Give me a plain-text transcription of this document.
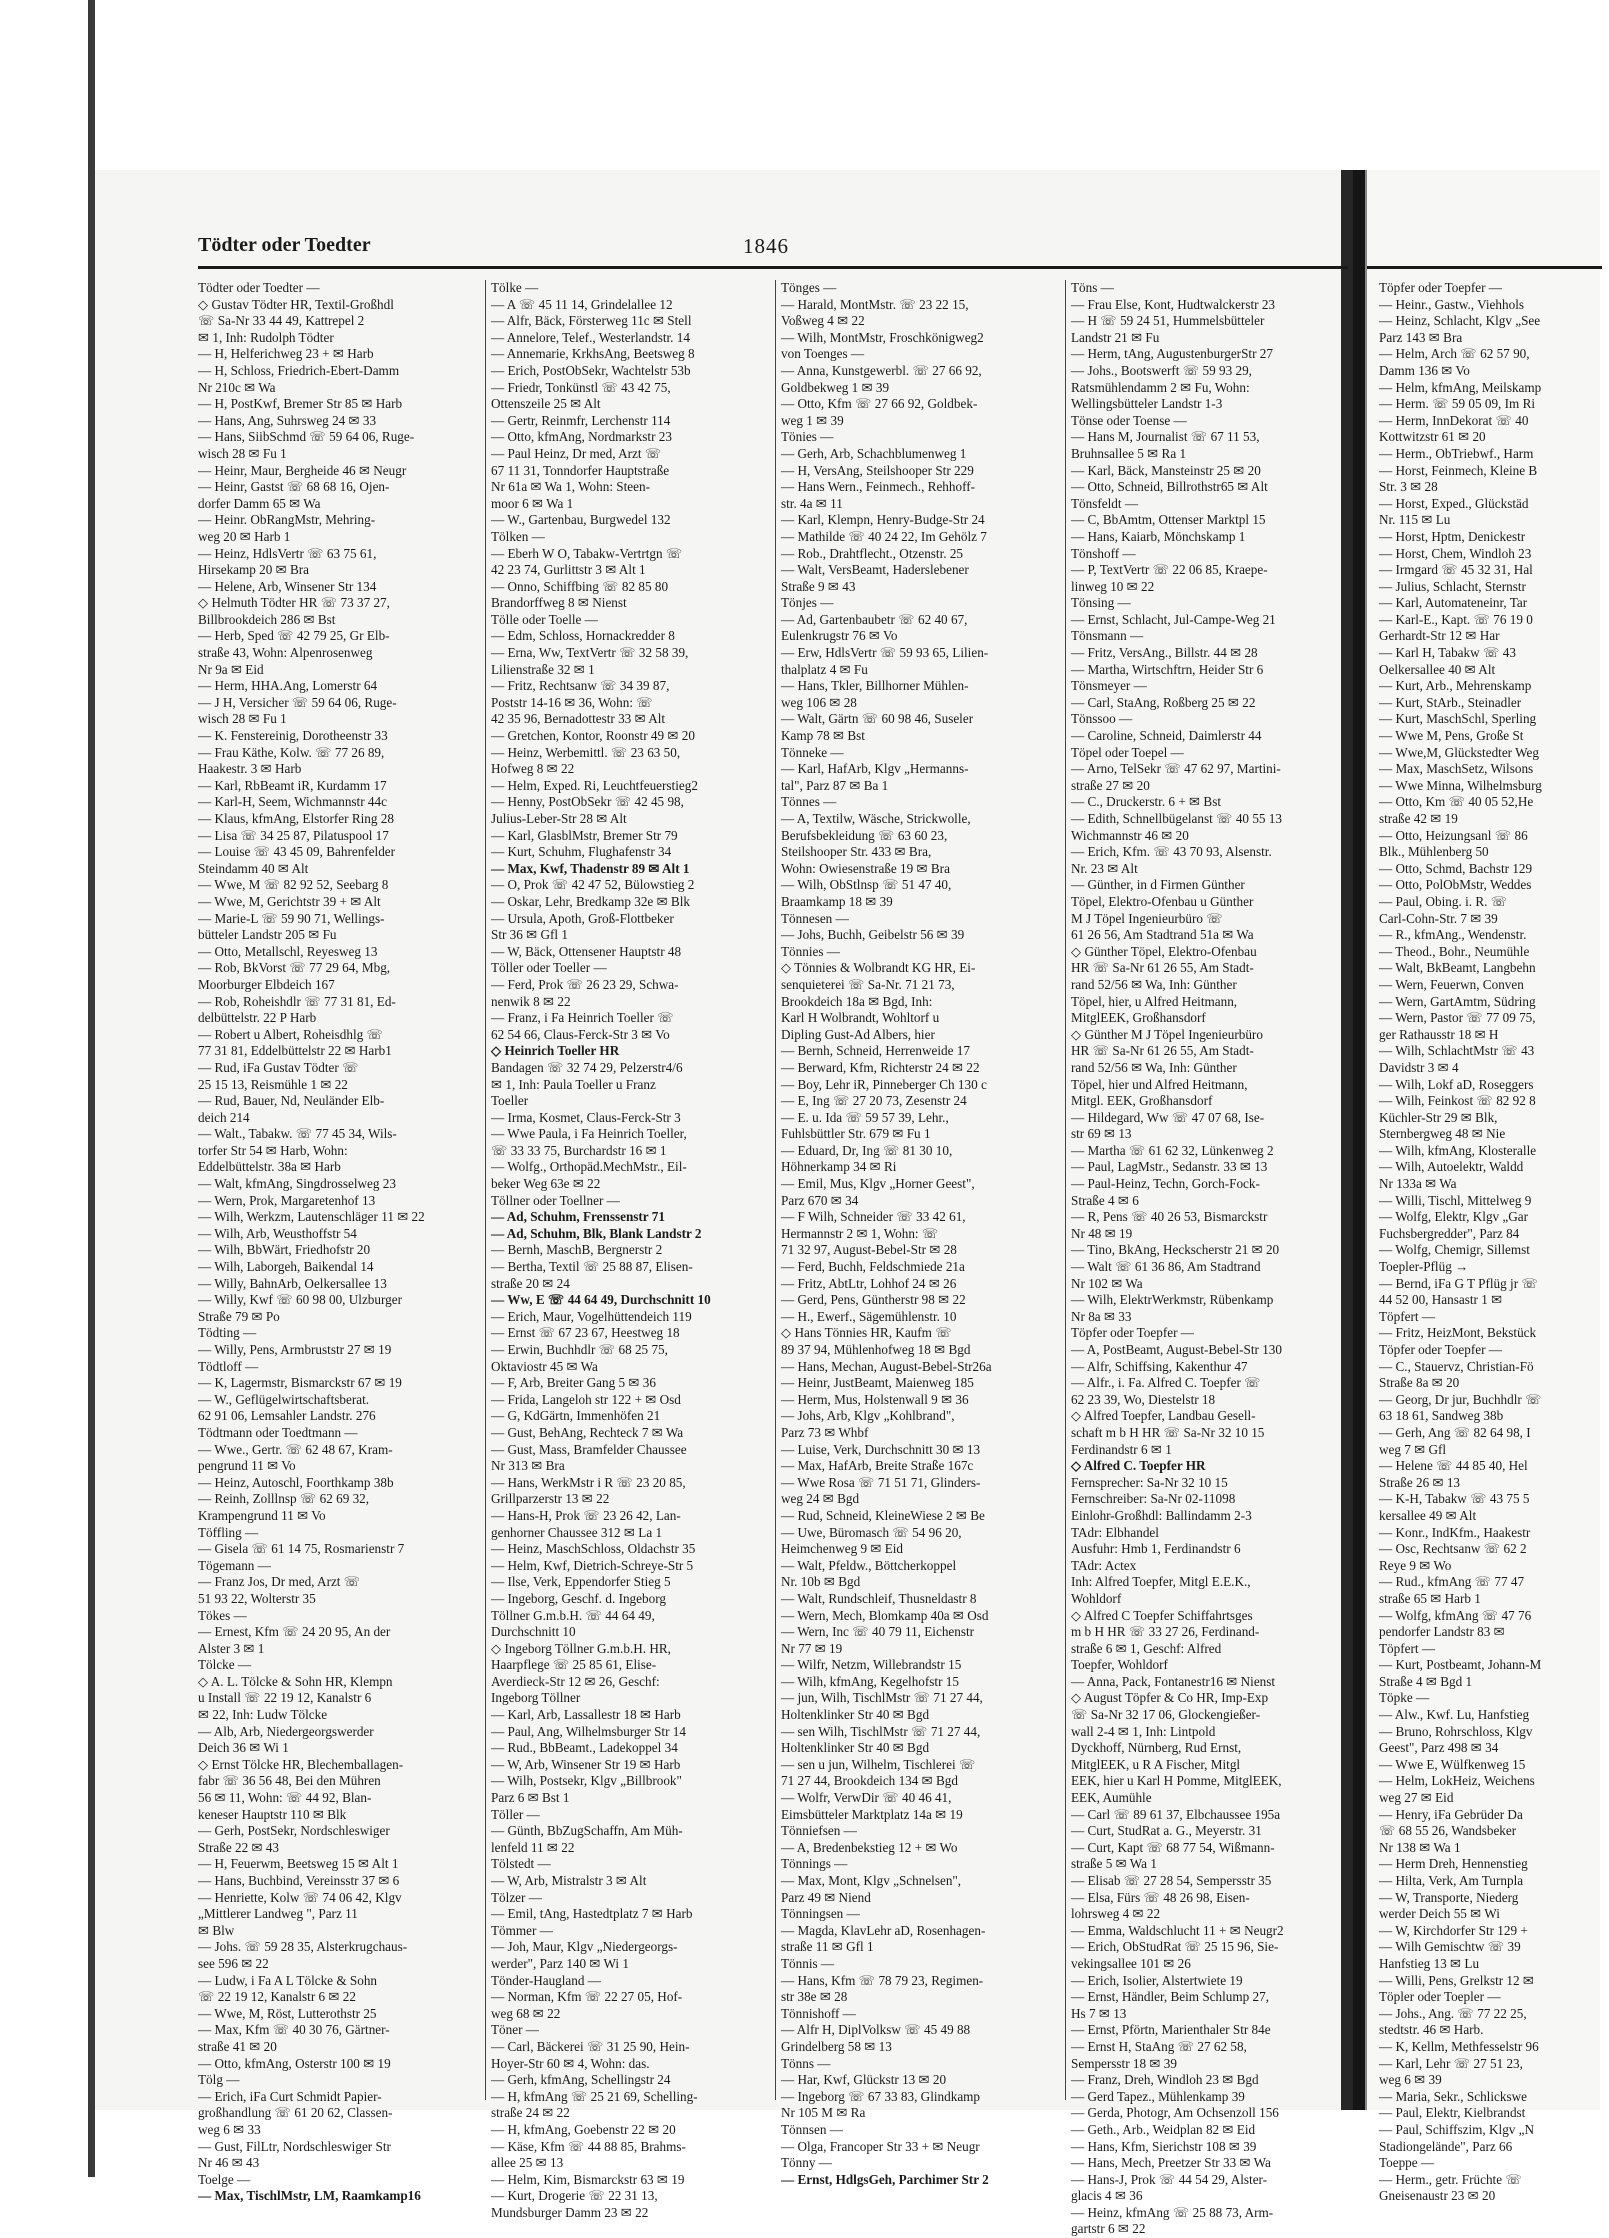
Tödter oder Toedter	1846
Tödter oder Toedter —
◇ Gustav Tödter HR, Textil-Großhdl
☏ Sa-Nr 33 44 49, Kattrepel 2
✉ 1, Inh: Rudolph Tödter
— H, Helferichweg 23 + ✉ Harb
— H, Schloss, Friedrich-Ebert-Damm
Nr 210c ✉ Wa
— H, PostKwf, Bremer Str 85 ✉ Harb
— Hans, Ang, Suhrsweg 24 ✉ 33
— Hans, SiibSchmd ☏ 59 64 06, Ruge-
wisch 28 ✉ Fu 1
— Heinr, Maur, Bergheide 46 ✉ Neugr
— Heinr, Gastst ☏ 68 68 16, Ojen-
dorfer Damm 65 ✉ Wa
— Heinr. ObRangMstr, Mehring-
weg 20 ✉ Harb 1
— Heinz, HdlsVertr ☏ 63 75 61,
Hirsekamp 20 ✉ Bra
— Helene, Arb, Winsener Str 134
◇ Helmuth Tödter HR ☏ 73 37 27,
Billbrookdeich 286 ✉ Bst
— Herb, Sped ☏ 42 79 25, Gr Elb-
straße 43, Wohn: Alpenrosenweg
Nr 9a ✉ Eid
— Herm, HHA.Ang, Lomerstr 64
— J H, Versicher ☏ 59 64 06, Ruge-
wisch 28 ✉ Fu 1
— K. Fenstereinig, Dorotheenstr 33
— Frau Käthe, Kolw. ☏ 77 26 89,
Haakestr. 3 ✉ Harb
— Karl, RbBeamt iR, Kurdamm 17
— Karl-H, Seem, Wichmannstr 44c
— Klaus, kfmAng, Elstorfer Ring 28
— Lisa ☏ 34 25 87, Pilatuspool 17
— Louise ☏ 43 45 09, Bahrenfelder
Steindamm 40 ✉ Alt
— Wwe, M ☏ 82 92 52, Seebarg 8
— Wwe, M, Gerichtstr 39 + ✉ Alt
— Marie-L ☏ 59 90 71, Wellings-
bütteler Landstr 205 ✉ Fu
— Otto, Metallschl, Reyesweg 13
— Rob, BkVorst ☏ 77 29 64, Mbg,
Moorburger Elbdeich 167
— Rob, Roheishdlr ☏ 77 31 81, Ed-
delbüttelstr. 22 P Harb
— Robert u Albert, Roheisdhlg ☏
77 31 81, Eddelbüttelstr 22 ✉ Harb1
— Rud, iFa Gustav Tödter ☏
25 15 13, Reismühle 1 ✉ 22
— Rud, Bauer, Nd, Neuländer Elb-
deich 214
— Walt., Tabakw. ☏ 77 45 34, Wils-
torfer Str 54 ✉ Harb, Wohn:
Eddelbüttelstr. 38a ✉ Harb
— Walt, kfmAng, Singdrosselweg 23
— Wern, Prok, Margaretenhof 13
— Wilh, Werkzm, Lautenschläger 11 ✉ 22
— Wilh, Arb, Weusthoffstr 54
— Wilh, BbWärt, Friedhofstr 20
— Wilh, Laborgeh, Baikendal 14
— Willy, BahnArb, Oelkersallee 13
— Willy, Kwf ☏ 60 98 00, Ulzburger
Straße 79 ✉ Po
Tödting —
— Willy, Pens, Armbruststr 27 ✉ 19
Tödtloff —
— K, Lagermstr, Bismarckstr 67 ✉ 19
— W., Geflügelwirtschaftsberat.
62 91 06, Lemsahler Landstr. 276
Tödtmann oder Toedtmann —
— Wwe., Gertr. ☏ 62 48 67, Kram-
pengrund 11 ✉ Vo
— Heinz, Autoschl, Foorthkamp 38b
— Reinh, Zolllnsp ☏ 62 69 32,
Krampengrund 11 ✉ Vo
Töffling —
— Gisela ☏ 61 14 75, Rosmarienstr 7
Tögemann —
— Franz Jos, Dr med, Arzt ☏
51 93 22, Wolterstr 35
Tökes —
— Ernest, Kfm ☏ 24 20 95, An der
Alster 3 ✉ 1
Tölcke —
◇ A. L. Tölcke & Sohn HR, Klempn
u Install ☏ 22 19 12, Kanalstr 6
✉ 22, Inh: Ludw Tölcke
— Alb, Arb, Niedergeorgswerder
Deich 36 ✉ Wi 1
◇ Ernst Tölcke HR, Blechemballagen-
fabr ☏ 36 56 48, Bei den Mühren
56 ✉ 11, Wohn: ☏ 44 92, Blan-
keneser Hauptstr 110 ✉ Blk
— Gerh, PostSekr, Nordschleswiger
Straße 22 ✉ 43
— H, Feuerwm, Beetsweg 15 ✉ Alt 1
— Hans, Buchbind, Vereinsstr 37 ✉ 6
— Henriette, Kolw ☏ 74 06 42, Klgv
„Mittlerer Landweg ", Parz 11
✉ Blw
— Johs. ☏ 59 28 35, Alsterkrugchaus-
see 596 ✉ 22
— Ludw, i Fa A L Tölcke & Sohn
☏ 22 19 12, Kanalstr 6 ✉ 22
— Wwe, M, Röst, Lutterothstr 25
— Max, Kfm ☏ 40 30 76, Gärtner-
straße 41 ✉ 20
— Otto, kfmAng, Osterstr 100 ✉ 19
Tölg —
— Erich, iFa Curt Schmidt Papier-
großhandlung ☏ 61 20 62, Classen-
weg 6 ✉ 33
— Gust, FilLtr, Nordschleswiger Str
Nr 46 ✉ 43
Toelge —
— Max, TischlMstr, LM, Raamkamp16
Tölke —
— A ☏ 45 11 14, Grindelallee 12
— Alfr, Bäck, Försterweg 11c ✉ Stell
— Annelore, Telef., Westerlandstr. 14
— Annemarie, KrkhsAng, Beetsweg 8
— Erich, PostObSekr, Wachtelstr 53b
— Friedr, Tonkünstl ☏ 43 42 75,
Ottenszeile 25 ✉ Alt
— Gertr, Reinmfr, Lerchenstr 114
— Otto, kfmAng, Nordmarkstr 23
— Paul Heinz, Dr med, Arzt ☏
67 11 31, Tonndorfer Hauptstraße
Nr 61a ✉ Wa 1, Wohn: Steen-
moor 6 ✉ Wa 1
— W., Gartenbau, Burgwedel 132
Tölken —
— Eberh W O, Tabakw-Vertrtgn ☏
42 23 74, Gurlittstr 3 ✉ Alt 1
— Onno, Schiffbing ☏ 82 85 80
Brandorffweg 8 ✉ Nienst
Tölle oder Toelle —
— Edm, Schloss, Hornackredder 8
— Erna, Ww, TextVertr ☏ 32 58 39,
Lilienstraße 32 ✉ 1
— Fritz, Rechtsanw ☏ 34 39 87,
Poststr 14-16 ✉ 36, Wohn: ☏
42 35 96, Bernadottestr 33 ✉ Alt
— Gretchen, Kontor, Roonstr 49 ✉ 20
— Heinz, Werbemittl. ☏ 23 63 50,
Hofweg 8 ✉ 22
— Helm, Exped. Ri, Leuchtfeuerstieg2
— Henny, PostObSekr ☏ 42 45 98,
Julius-Leber-Str 28 ✉ Alt
— Karl, GlasblMstr, Bremer Str 79
— Kurt, Schuhm, Flughafenstr 34
— Max, Kwf, Thadenstr 89 ✉ Alt 1
— O, Prok ☏ 42 47 52, Bülowstieg 2
— Oskar, Lehr, Bredkamp 32e ✉ Blk
— Ursula, Apoth, Groß-Flottbeker
Str 36 ✉ Gfl 1
— W, Bäck, Ottensener Hauptstr 48
Töller oder Toeller —
— Ferd, Prok ☏ 26 23 29, Schwa-
nenwik 8 ✉ 22
— Franz, i Fa Heinrich Toeller ☏
62 54 66, Claus-Ferck-Str 3 ✉ Vo
◇ Heinrich Toeller HR
Bandagen ☏ 32 74 29, Pelzerstr4/6
✉ 1, Inh: Paula Toeller u Franz
Toeller
— Irma, Kosmet, Claus-Ferck-Str 3
— Wwe Paula, i Fa Heinrich Toeller,
☏ 33 33 75, Burchardstr 16 ✉ 1
— Wolfg., Orthopäd.MechMstr., Eil-
beker Weg 63e ✉ 22
Töllner oder Toellner —
— Ad, Schuhm, Frenssenstr 71
— Ad, Schuhm, Blk, Blank Landstr 2
— Bernh, MaschB, Bergnerstr 2
— Bertha, Textil ☏ 25 88 87, Elisen-
straße 20 ✉ 24
— Ww, E ☏ 44 64 49, Durchschnitt 10
— Erich, Maur, Vogelhüttendeich 119
— Ernst ☏ 67 23 67, Heestweg 18
— Erwin, Buchhdlr ☏ 68 25 75,
Oktaviostr 45 ✉ Wa
— F, Arb, Breiter Gang 5 ✉ 36
— Frida, Langeloh str 122 + ✉ Osd
— G, KdGärtn, Immenhöfen 21
— Gust, BehAng, Rechteck 7 ✉ Wa
— Gust, Mass, Bramfelder Chaussee
Nr 313 ✉ Bra
— Hans, WerkMstr i R ☏ 23 20 85,
Grillparzerstr 13 ✉ 22
— Hans-H, Prok ☏ 23 26 42, Lan-
genhorner Chaussee 312 ✉ La 1
— Heinz, MaschSchloss, Oldachstr 35
— Helm, Kwf, Dietrich-Schreye-Str 5
— Ilse, Verk, Eppendorfer Stieg 5
— Ingeborg, Geschf. d. Ingeborg
Töllner G.m.b.H. ☏ 44 64 49,
Durchschnitt 10
◇ Ingeborg Töllner G.m.b.H. HR,
Haarpflege ☏ 25 85 61, Elise-
Averdieck-Str 12 ✉ 26, Geschf:
Ingeborg Töllner
— Karl, Arb, Lassallestr 18 ✉ Harb
— Paul, Ang, Wilhelmsburger Str 14
— Rud., BbBeamt., Ladekoppel 34
— W, Arb, Winsener Str 19 ✉ Harb
— Wilh, Postsekr, Klgv „Billbrook"
Parz 6 ✉ Bst 1
Töller —
— Günth, BbZugSchaffn, Am Müh-
lenfeld 11 ✉ 22
Tölstedt —
— W, Arb, Mistralstr 3 ✉ Alt
Tölzer —
— Emil, tAng, Hastedtplatz 7 ✉ Harb
Tömmer —
— Joh, Maur, Klgv „Niedergeorgs-
werder", Parz 140 ✉ Wi 1
Tönder-Haugland —
— Norman, Kfm ☏ 22 27 05, Hof-
weg 68 ✉ 22
Töner —
— Carl, Bäckerei ☏ 31 25 90, Hein-
Hoyer-Str 60 ✉ 4, Wohn: das.
— Gerh, kfmAng, Schellingstr 24
— H, kfmAng ☏ 25 21 69, Schelling-
straße 24 ✉ 22
— H, kfmAng, Goebenstr 22 ✉ 20
— Käse, Kfm ☏ 44 88 85, Brahms-
allee 25 ✉ 13
— Helm, Kim, Bismarckstr 63 ✉ 19
— Kurt, Drogerie ☏ 22 31 13,
Mundsburger Damm 23 ✉ 22
Tönges —
— Harald, MontMstr. ☏ 23 22 15,
Voßweg 4 ✉ 22
— Wilh, MontMstr, Froschkönigweg2
von Toenges —
— Anna, Kunstgewerbl. ☏ 27 66 92,
Goldbekweg 1 ✉ 39
— Otto, Kfm ☏ 27 66 92, Goldbek-
weg 1 ✉ 39
Tönies —
— Gerh, Arb, Schachblumenweg 1
— H, VersAng, Steilshooper Str 229
— Hans Wern., Feinmech., Rehhoff-
str. 4a ✉ 11
— Karl, Klempn, Henry-Budge-Str 24
— Mathilde ☏ 40 24 22, Im Gehölz 7
— Rob., Drahtflecht., Otzenstr. 25
— Walt, VersBeamt, Haderslebener
Straße 9 ✉ 43
Tönjes —
— Ad, Gartenbaubetr ☏ 62 40 67,
Eulenkrugstr 76 ✉ Vo
— Erw, HdlsVertr ☏ 59 93 65, Lilien-
thalplatz 4 ✉ Fu
— Hans, Tkler, Billhorner Mühlen-
weg 106 ✉ 28
— Walt, Gärtn ☏ 60 98 46, Suseler
Kamp 78 ✉ Bst
Tönneke —
— Karl, HafArb, Klgv „Hermanns-
tal", Parz 87 ✉ Ba 1
Tönnes —
— A, Textilw, Wäsche, Strickwolle,
Berufsbekleidung ☏ 63 60 23,
Steilshooper Str. 433 ✉ Bra,
Wohn: Owiesenstraße 19 ✉ Bra
— Wilh, ObStlnsp ☏ 51 47 40,
Braamkamp 18 ✉ 39
Tönnesen —
— Johs, Buchh, Geibelstr 56 ✉ 39
Tönnies —
◇ Tönnies & Wolbrandt KG HR, Ei-
senquieterei ☏ Sa-Nr. 71 21 73,
Brookdeich 18a ✉ Bgd, Inh:
Karl H Wolbrandt, Wohltorf u
Dipling Gust-Ad Albers, hier
— Bernh, Schneid, Herrenweide 17
— Berward, Kfm, Richterstr 24 ✉ 22
— Boy, Lehr iR, Pinneberger Ch 130 c
— E, Ing ☏ 27 20 73, Zesenstr 24
— E. u. Ida ☏ 59 57 39, Lehr.,
Fuhlsbüttler Str. 679 ✉ Fu 1
— Eduard, Dr, Ing ☏ 81 30 10,
Höhnerkamp 34 ✉ Ri
— Emil, Mus, Klgv „Horner Geest",
Parz 670 ✉ 34
— F Wilh, Schneider ☏ 33 42 61,
Hermannstr 2 ✉ 1, Wohn: ☏
71 32 97, August-Bebel-Str ✉ 28
— Ferd, Buchh, Feldschmiede 21a
— Fritz, AbtLtr, Lohhof 24 ✉ 26
— Gerd, Pens, Güntherstr 98 ✉ 22
— H., Ewerf., Sägemühlenstr. 10
◇ Hans Tönnies HR, Kaufm ☏
89 37 94, Mühlenhofweg 18 ✉ Bgd
— Hans, Mechan, August-Bebel-Str26a
— Heinr, JustBeamt, Maienweg 185
— Herm, Mus, Holstenwall 9 ✉ 36
— Johs, Arb, Klgv „Kohlbrand",
Parz 73 ✉ Whbf
— Luise, Verk, Durchschnitt 30 ✉ 13
— Max, HafArb, Breite Straße 167c
— Wwe Rosa ☏ 71 51 71, Glinders-
weg 24 ✉ Bgd
— Rud, Schneid, KleineWiese 2 ✉ Be
— Uwe, Büromasch ☏ 54 96 20,
Heimchenweg 9 ✉ Eid
— Walt, Pfeldw., Böttcherkoppel
Nr. 10b ✉ Bgd
— Walt, Rundschleif, Thusneldastr 8
— Wern, Mech, Blomkamp 40a ✉ Osd
— Wern, Inc ☏ 40 79 11, Eichenstr
Nr 77 ✉ 19
— Wilfr, Netzm, Willebrandstr 15
— Wilh, kfmAng, Kegelhofstr 15
— jun, Wilh, TischlMstr ☏ 71 27 44,
Holtenklinker Str 40 ✉ Bgd
— sen Wilh, TischlMstr ☏ 71 27 44,
Holtenklinker Str 40 ✉ Bgd
— sen u jun, Wilhelm, Tischlerei ☏
71 27 44, Brookdeich 134 ✉ Bgd
— Wolfr, VerwDir ☏ 40 46 41,
Eimsbütteler Marktplatz 14a ✉ 19
Tönniefsen —
— A, Bredenbekstieg 12 + ✉ Wo
Tönnings —
— Max, Mont, Klgv „Schnelsen",
Parz 49 ✉ Niend
Tönningsen —
— Magda, KlavLehr aD, Rosenhagen-
straße 11 ✉ Gfl 1
Tönnis —
— Hans, Kfm ☏ 78 79 23, Regimen-
str 38e ✉ 28
Tönnishoff —
— Alfr H, DiplVolksw ☏ 45 49 88
Grindelberg 58 ✉ 13
Tönns —
— Har, Kwf, Glückstr 13 ✉ 20
— Ingeborg ☏ 67 33 83, Glindkamp
Nr 105 M ✉ Ra
Tönnsen —
— Olga, Francoper Str 33 + ✉ Neugr
Tönny —
— Ernst, HdlgsGeh, Parchimer Str 2
Töns —
— Frau Else, Kont, Hudtwalckerstr 23
— H ☏ 59 24 51, Hummelsbütteler
Landstr 21 ✉ Fu
— Herm, tAng, AugustenburgerStr 27
— Johs., Bootswerft ☏ 59 93 29,
Ratsmühlendamm 2 ✉ Fu, Wohn:
Wellingsbütteler Landstr 1-3
Tönse oder Toense —
— Hans M, Journalist ☏ 67 11 53,
Bruhnsallee 5 ✉ Ra 1
— Karl, Bäck, Mansteinstr 25 ✉ 20
— Otto, Schneid, Billrothstr65 ✉ Alt
Tönsfeldt —
— C, BbAmtm, Ottenser Marktpl 15
— Hans, Kaiarb, Mönchskamp 1
Tönshoff —
— P, TextVertr ☏ 22 06 85, Kraepe-
linweg 10 ✉ 22
Tönsing —
— Ernst, Schlacht, Jul-Campe-Weg 21
Tönsmann —
— Fritz, VersAng., Billstr. 44 ✉ 28
— Martha, Wirtschftrn, Heider Str 6
Tönsmeyer —
— Carl, StaAng, Roßberg 25 ✉ 22
Tönssoo —
— Caroline, Schneid, Daimlerstr 44
Töpel oder Toepel —
— Arno, TelSekr ☏ 47 62 97, Martini-
straße 27 ✉ 20
— C., Druckerstr. 6 + ✉ Bst
— Edith, Schnellbügelanst ☏ 40 55 13
Wichmannstr 46 ✉ 20
— Erich, Kfm. ☏ 43 70 93, Alsenstr.
Nr. 23 ✉ Alt
— Günther, in d Firmen Günther
Töpel, Elektro-Ofenbau u Günther
M J Töpel Ingenieurbüro ☏
61 26 56, Am Stadtrand 51a ✉ Wa
◇ Günther Töpel, Elektro-Ofenbau
HR ☏ Sa-Nr 61 26 55, Am Stadt-
rand 52/56 ✉ Wa, Inh: Günther
Töpel, hier, u Alfred Heitmann,
MitglEEK, Großhansdorf
◇ Günther M J Töpel Ingenieurbüro
HR ☏ Sa-Nr 61 26 55, Am Stadt-
rand 52/56 ✉ Wa, Inh: Günther
Töpel, hier und Alfred Heitmann,
Mitgl. EEK, Großhansdorf
— Hildegard, Ww ☏ 47 07 68, Ise-
str 69 ✉ 13
— Martha ☏ 61 62 32, Lünkenweg 2
— Paul, LagMstr., Sedanstr. 33 ✉ 13
— Paul-Heinz, Techn, Gorch-Fock-
Straße 4 ✉ 6
— R, Pens ☏ 40 26 53, Bismarckstr
Nr 48 ✉ 19
— Tino, BkAng, Heckscherstr 21 ✉ 20
— Walt ☏ 61 36 86, Am Stadtrand
Nr 102 ✉ Wa
— Wilh, ElektrWerkmstr, Rübenkamp
Nr 8a ✉ 33
Töpfer oder Toepfer —
— A, PostBeamt, August-Bebel-Str 130
— Alfr, Schiffsing, Kakenthur 47
— Alfr., i. Fa. Alfred C. Toepfer ☏
62 23 39, Wo, Diestelstr 18
◇ Alfred Toepfer, Landbau Gesell-
schaft m b H HR ☏ Sa-Nr 32 10 15
Ferdinandstr 6 ✉ 1
◇ Alfred C. Toepfer HR
Fernsprecher: Sa-Nr 32 10 15
Fernschreiber: Sa-Nr 02-11098
Einlohr-Großhdl: Ballindamm 2-3
TAdr: Elbhandel
Ausfuhr: Hmb 1, Ferdinandstr 6
TAdr: Actex
Inh: Alfred Toepfer, Mitgl E.E.K.,
Wohldorf
◇ Alfred C Toepfer Schiffahrtsges
m b H HR ☏ 33 27 26, Ferdinand-
straße 6 ✉ 1, Geschf: Alfred
Toepfer, Wohldorf
— Anna, Pack, Fontanestr16 ✉ Nienst
◇ August Töpfer & Co HR, Imp-Exp
☏ Sa-Nr 32 17 06, Glockengießer-
wall 2-4 ✉ 1, Inh: Lintpold
Dyckhoff, Nürnberg, Rud Ernst,
MitglEEK, u R A Fischer, Mitgl
EEK, hier u Karl H Pomme, MitglEEK,
EEK, Aumühle
— Carl ☏ 89 61 37, Elbchaussee 195a
— Curt, StudRat a. G., Meyerstr. 31
— Curt, Kapt ☏ 68 77 54, Wißmann-
straße 5 ✉ Wa 1
— Elisab ☏ 27 28 54, Sempersstr 35
— Elsa, Fürs ☏ 48 26 98, Eisen-
lohrsweg 4 ✉ 22
— Emma, Waldschlucht 11 + ✉ Neugr2
— Erich, ObStudRat ☏ 25 15 96, Sie-
vekingsallee 101 ✉ 26
— Erich, Isolier, Alstertwiete 19
— Ernst, Händler, Beim Schlump 27,
Hs 7 ✉ 13
— Ernst, Pförtn, Marienthaler Str 84e
— Ernst H, StaAng ☏ 27 62 58,
Sempersstr 18 ✉ 39
— Franz, Dreh, Windloh 23 ✉ Bgd
— Gerd Tapez., Mühlenkamp 39
— Gerda, Photogr, Am Ochsenzoll 156
— Geth., Arb., Weidplan 82 ✉ Eid
— Hans, Kfm, Sierichstr 108 ✉ 39
— Hans, Mech, Preetzer Str 33 ✉ Wa
— Hans-J, Prok ☏ 44 54 29, Alster-
glacis 4 ✉ 36
— Heinz, kfmAng ☏ 25 88 73, Arm-
gartstr 6 ✉ 22
Töpfer oder Toepfer —
— Heinr., Gastw., Viehhols
— Heinz, Schlacht, Klgv „See
Parz 143 ✉ Bra
— Helm, Arch ☏ 62 57 90,
Damm 136 ✉ Vo
— Helm, kfmAng, Meilskamp
— Herm. ☏ 59 05 09, Im Ri
— Herm, InnDekorat ☏ 40
Kottwitzstr 61 ✉ 20
— Herm., ObTriebwf., Harm
— Horst, Feinmech, Kleine B
Str. 3 ✉ 28
— Horst, Exped., Glückstäd
Nr. 115 ✉ Lu
— Horst, Hptm, Denickestr
— Horst, Chem, Windloh 23
— Irmgard ☏ 45 32 31, Hal
— Julius, Schlacht, Sternstr
— Karl, Automateneinr, Tar
— Karl-E., Kapt. ☏ 76 19 0
Gerhardt-Str 12 ✉ Har
— Karl H, Tabakw ☏ 43
Oelkersallee 40 ✉ Alt
— Kurt, Arb., Mehrenskamp
— Kurt, StArb., Steinadler
— Kurt, MaschSchl, Sperling
— Wwe M, Pens, Große St
— Wwe,M, Glückstedter Weg
— Max, MaschSetz, Wilsons
— Wwe Minna, Wilhelmsburg
— Otto, Km ☏ 40 05 52,He
straße 42 ✉ 19
— Otto, Heizungsanl ☏ 86
Blk., Mühlenberg 50
— Otto, Schmd, Bachstr 129
— Otto, PolObMstr, Weddes
— Paul, Obing. i. R. ☏
Carl-Cohn-Str. 7 ✉ 39
— R., kfmAng., Wendenstr.
— Theod., Bohr., Neumühle
— Walt, BkBeamt, Langbehn
— Wern, Feuerwn, Conven
— Wern, GartAmtm, Südring
— Wern, Pastor ☏ 77 09 75,
ger Rathausstr 18 ✉ H
— Wilh, SchlachtMstr ☏ 43
Davidstr 3 ✉ 4
— Wilh, Lokf aD, Roseggers
— Wilh, Feinkost ☏ 82 92 8
Küchler-Str 29 ✉ Blk,
Sternbergweg 48 ✉ Nie
— Wilh, kfmAng, Klosteralle
— Wilh, Autoelektr, Waldd
Nr 133a ✉ Wa
— Willi, Tischl, Mittelweg 9
— Wolfg, Elektr, Klgv „Gar
Fuchsbergredder", Parz 84
— Wolfg, Chemigr, Sillemst
Toepler-Pflüg →
— Bernd, iFa G T Pflüg jr ☏
44 52 00, Hansastr 1 ✉
Töpfert —
— Fritz, HeizMont, Bekstück
Töpfer oder Toepfer —
— C., Stauervz, Christian-Fö
Straße 8a ✉ 20
— Georg, Dr jur, Buchhdlr ☏
63 18 61, Sandweg 38b
— Gerh, Ang ☏ 82 64 98, I
weg 7 ✉ Gfl
— Helene ☏ 44 85 40, Hel
Straße 26 ✉ 13
— K-H, Tabakw ☏ 43 75 5
kersallee 49 ✉ Alt
— Konr., IndKfm., Haakestr
— Osc, Rechtsanw ☏ 62 2
Reye 9 ✉ Wo
— Rud., kfmAng ☏ 77 47
straße 65 ✉ Harb 1
— Wolfg, kfmAng ☏ 47 76
pendorfer Landstr 83 ✉
Töpfert —
— Kurt, Postbeamt, Johann-M
Straße 4 ✉ Bgd 1
Töpke —
— Alw., Kwf. Lu, Hanfstieg
— Bruno, Rohrschloss, Klgv
Geest", Parz 498 ✉ 34
— Wwe E, Wülfkenweg 15
— Helm, LokHeiz, Weichens
weg 27 ✉ Eid
— Henry, iFa Gebrüder Da
☏ 68 55 26, Wandsbeker
Nr 138 ✉ Wa 1
— Herm Dreh, Hennenstieg
— Hilta, Verk, Am Turnpla
— W, Transporte, Niederg
werder Deich 55 ✉ Wi
— W, Kirchdorfer Str 129 +
— Wilh Gemischtw ☏ 39
Hanfstieg 13 ✉ Lu
— Willi, Pens, Grelkstr 12 ✉
Töpler oder Toepler —
— Johs., Ang. ☏ 77 22 25,
stedtstr. 46 ✉ Harb.
— K, Kellm, Methfesselstr 96
— Karl, Lehr ☏ 27 51 23,
weg 6 ✉ 39
— Maria, Sekr., Schlickswe
— Paul, Elektr, Kielbrandst
— Paul, Schiffszim, Klgv „N
Stadiongelände", Parz 66
Toeppe —
— Herm., getr. Früchte ☏
Gneisenaustr 23 ✉ 20
